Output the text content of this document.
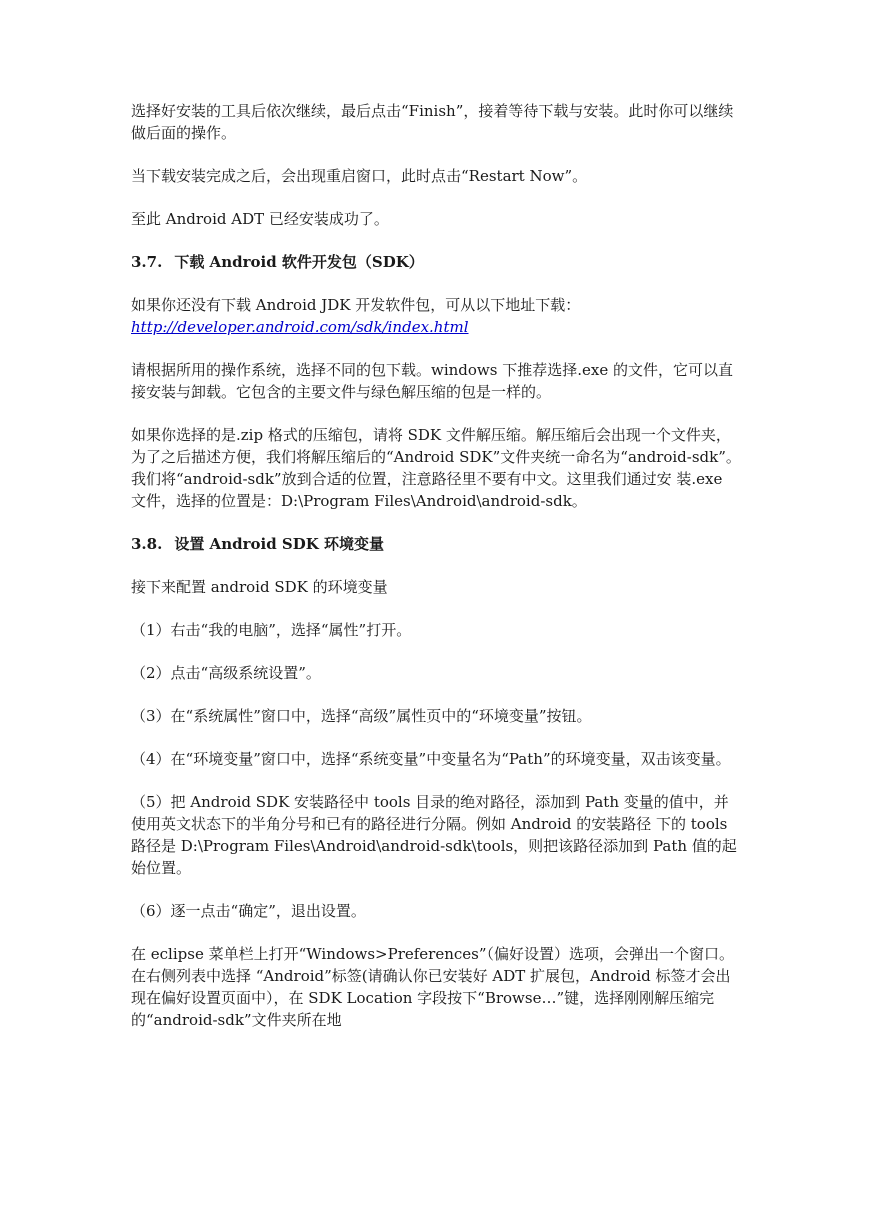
选择好安装的工具后依次继续，最后点击“Finish”，接着等待下载与安装。此时你可以继续做后面的操作。

当下载安装完成之后，会出现重启窗口，此时点击“Restart Now”。

至此 Android ADT 已经安装成功了。

3.7. 下载 Android 软件开发包（SDK）

如果你还没有下载 Android JDK 开发软件包，可从以下地址下载：
http://developer.android.com/sdk/index.html

请根据所用的操作系统，选择不同的包下载。windows 下推荐选择.exe 的文件，它可以直接安装与卸载。它包含的主要文件与绿色解压缩的包是一样的。

如果你选择的是.zip 格式的压缩包，请将 SDK 文件解压缩。解压缩后会出现一个文件夹，为了之后描述方便，我们将解压缩后的“Android SDK”文件夹统一命名为“android-sdk”。我们将“android-sdk”放到合适的位置，注意路径里不要有中文。这里我们通过安 装.exe 文件，选择的位置是：D:\Program Files\Android\android-sdk。

3.8. 设置 Android SDK 环境变量

接下来配置 android SDK 的环境变量

（1）右击“我的电脑”，选择“属性”打开。

（2）点击“高级系统设置”。

（3）在“系统属性”窗口中，选择“高级”属性页中的“环境变量”按钮。

（4）在“环境变量”窗口中，选择“系统变量”中变量名为“Path”的环境变量，双击该变量。

（5）把 Android SDK 安装路径中 tools 目录的绝对路径，添加到 Path 变量的值中，并使用英文状态下的半角分号和已有的路径进行分隔。例如 Android 的安装路径 下的 tools 路径是 D:\Program Files\Android\android-sdk\tools，则把该路径添加到 Path 值的起始位置。

（6）逐一点击“确定”，退出设置。

在 eclipse 菜单栏上打开“Windows>Preferences”（偏好设置）选项，会弹出一个窗口。在右侧列表中选择 “Android”标签(请确认你已安装好 ADT 扩展包，Android 标签才会出现在偏好设置页面中），在 SDK Location 字段按下“Browse…”键，选择刚刚解压缩完的“android-sdk”文件夹所在地
